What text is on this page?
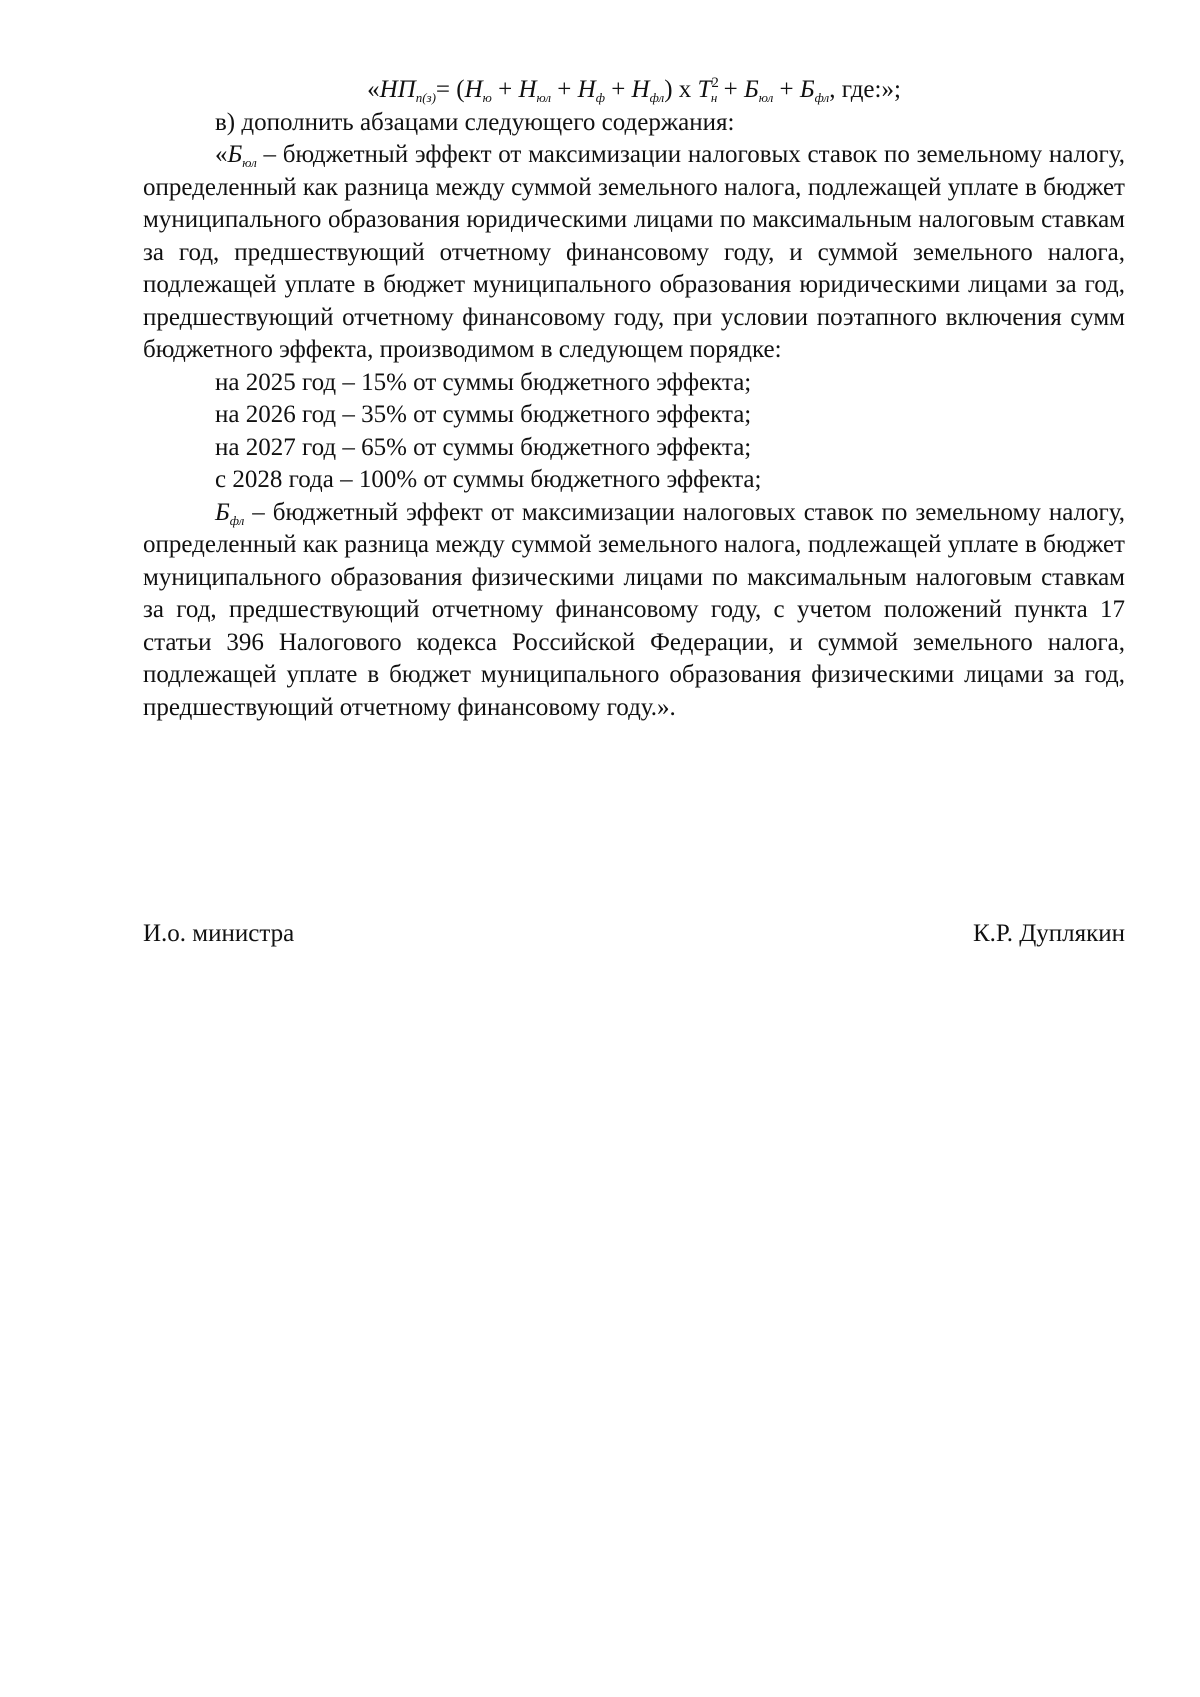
«$НП_{п(з)}= (Н_ю + Н_{юл} + Н_ф + Н_{фл})$ х $Т^2_н + Б_{юл} + Б_{фл}$, где:»;

в) дополнить абзацами следующего содержания:

«$Б_{юл}$ – бюджетный эффект от максимизации налоговых ставок по земельному налогу, определенный как разница между суммой земельного налога, подлежащей уплате в бюджет муниципального образования юридическими лицами по максимальным налоговым ставкам за год, предшествующий отчетному финансовому году, и суммой земельного налога, подлежащей уплате в бюджет муниципального образования юридическими лицами за год, предшествующий отчетному финансовому году, при условии поэтапного включения сумм бюджетного эффекта, производимом в следующем порядке:

на 2025 год – 15% от суммы бюджетного эффекта;

на 2026 год – 35% от суммы бюджетного эффекта;

на 2027 год – 65% от суммы бюджетного эффекта;

с 2028 года – 100% от суммы бюджетного эффекта;

$Б_{фл}$ – бюджетный эффект от максимизации налоговых ставок по земельному налогу, определенный как разница между суммой земельного налога, подлежащей уплате в бюджет муниципального образования физическими лицами по максимальным налоговым ставкам за год, предшествующий отчетному финансовому году, с учетом положений пункта 17 статьи 396 Налогового кодекса Российской Федерации, и суммой земельного налога, подлежащей уплате в бюджет муниципального образования физическими лицами за год, предшествующий отчетному финансовому году.».

И.о. министра	К.Р. Дуплякин
